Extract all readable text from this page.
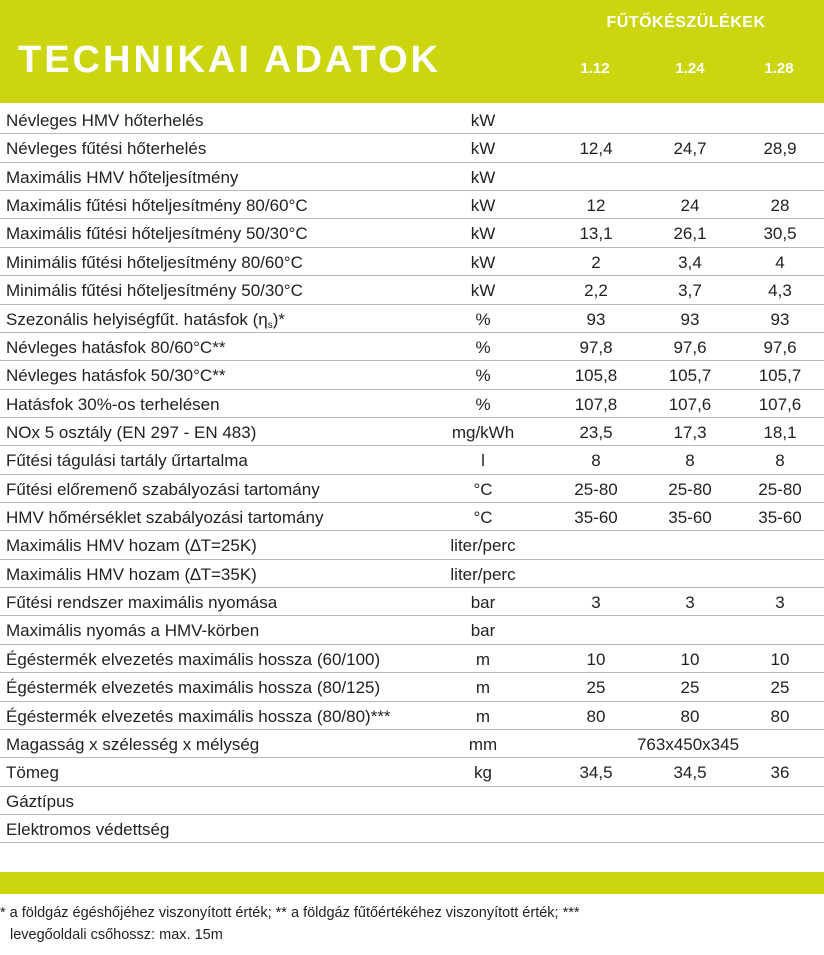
TECHNIKAI ADATOK
FŰTŐKÉSZÜLÉKEK
1.12	1.24	1.28
Névleges HMV hőterhelés	kW
Névleges fűtési hőterhelés	kW	12,4	24,7	28,9
Maximális HMV hőteljesítmény	kW
Maximális fűtési hőteljesítmény 80/60°C	kW	12	24	28
Maximális fűtési hőteljesítmény 50/30°C	kW	13,1	26,1	30,5
Minimális fűtési hőteljesítmény 80/60°C	kW	2	3,4	4
Minimális fűtési hőteljesítmény 50/30°C	kW	2,2	3,7	4,3
Szezonális helyiségfűt. hatásfok $(\eta_s)*$	%	93	93	93
Névleges hatásfok 80/60°C**	%	97,8	97,6	97,6
Névleges hatásfok 50/30°C**	%	105,8	105,7	105,7
Hatásfok 30%-os terhelésen	%	107,8	107,6	107,6
NOx 5 osztály (EN 297 - EN 483)	mg/kWh	23,5	17,3	18,1
Fűtési tágulási tartály űrtartalma	l	8	8	8
Fűtési előremenő szabályozási tartomány	°C	25-80	25-80	25-80
HMV hőmérséklet szabályozási tartomány	°C	35-60	35-60	35-60
Maximális HMV hozam (∆T=25K)	liter/perc
Maximális HMV hozam (∆T=35K)	liter/perc
Fűtési rendszer maximális nyomása	bar	3	3	3
Maximális nyomás a HMV-körben	bar
Égéstermék elvezetés maximális hossza (60/100)	m	10	10	10
Égéstermék elvezetés maximális hossza (80/125)	m	25	25	25
Égéstermék elvezetés maximális hossza (80/80)***	m	80	80	80
Magasság x szélesség x mélység	mm	763x450x345
Tömeg	kg	34,5	34,5	36
Gáztípus
Elektromos védettség
* a földgáz égéshőjéhez viszonyított érték; ** a földgáz fűtőértékéhez viszonyított érték; ***
levegőoldali csőhossz: max. 15m
